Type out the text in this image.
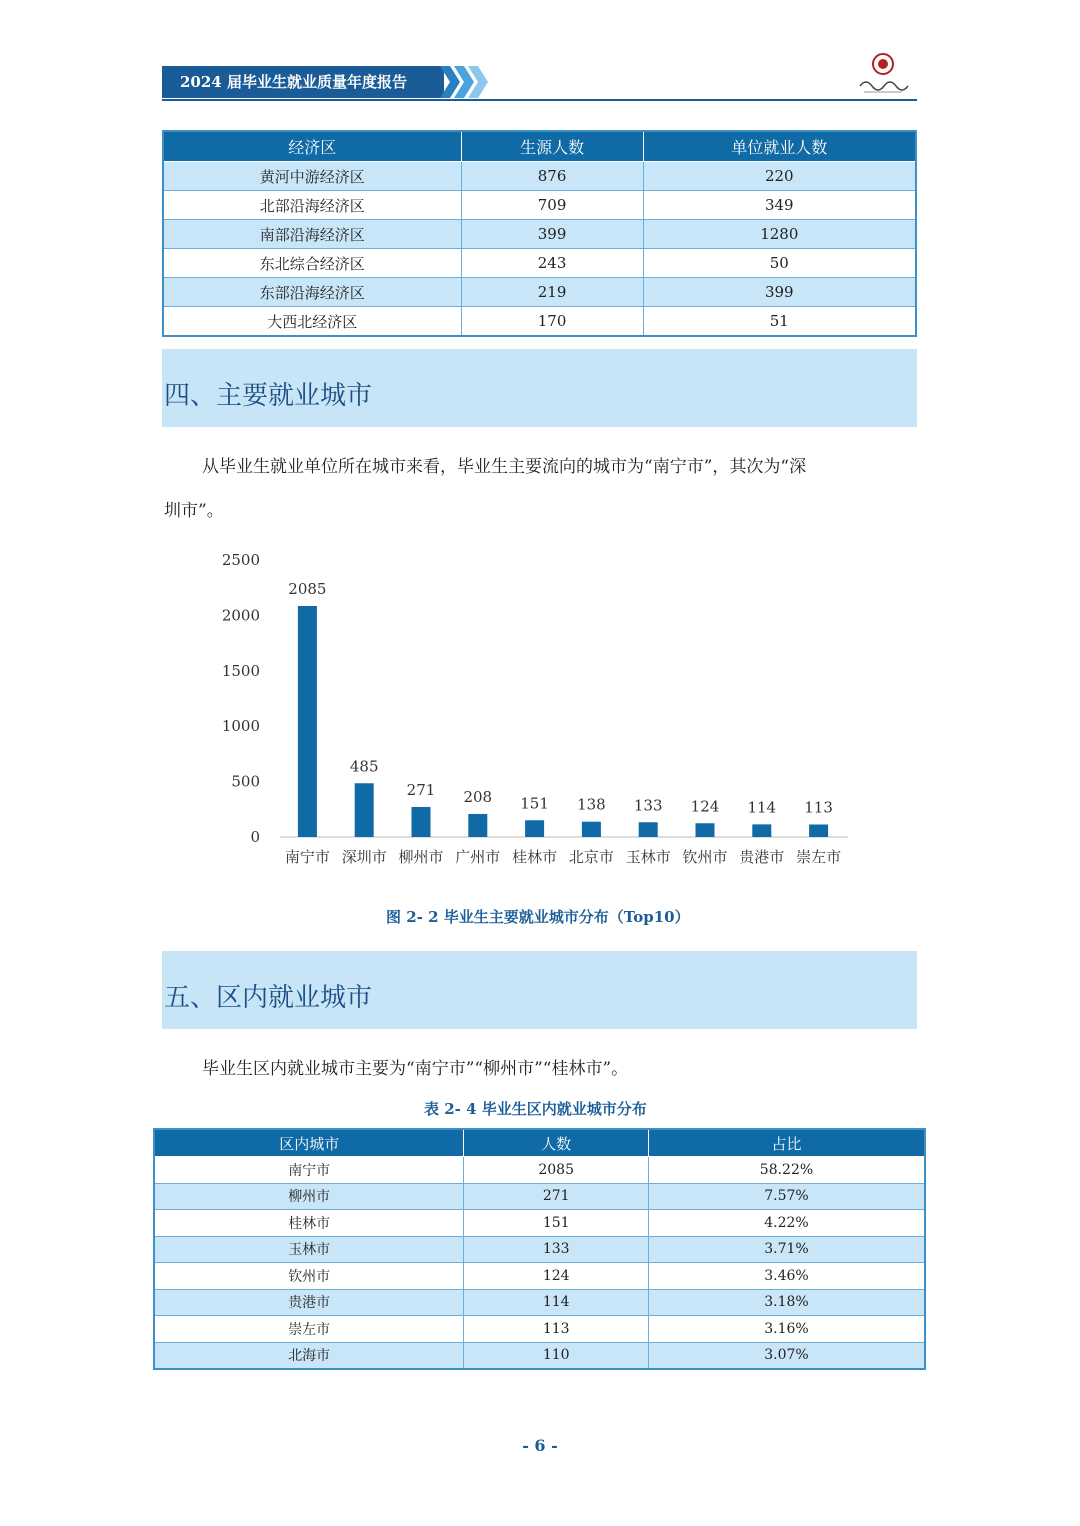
2024 届毕业生就业质量年度报告
经济区	生源人数	单位就业人数
黄河中游经济区	876	220
北部沿海经济区	709	349
南部沿海经济区	399	1280
东北综合经济区	243	50
东部沿海经济区	219	399
大西北经济区	170	51
四、主要就业城市
从毕业生就业单位所在城市来看，毕业生主要流向的城市为“南宁市”，其次为“深
圳市”。
0
500
1000
1500
2000
2500
2085
南宁市
485
深圳市
271
柳州市
208
广州市
151
桂林市
138
北京市
133
玉林市
124
钦州市
114
贵港市
113
崇左市
图 2- 2 毕业生主要就业城市分布（Top10）
五、区内就业城市
毕业生区内就业城市主要为“南宁市”“柳州市”“桂林市”。
表 2- 4 毕业生区内就业城市分布
区内城市	人数	占比
南宁市	2085	58.22%
柳州市	271	7.57%
桂林市	151	4.22%
玉林市	133	3.71%
钦州市	124	3.46%
贵港市	114	3.18%
崇左市	113	3.16%
北海市	110	3.07%
- 6 -
